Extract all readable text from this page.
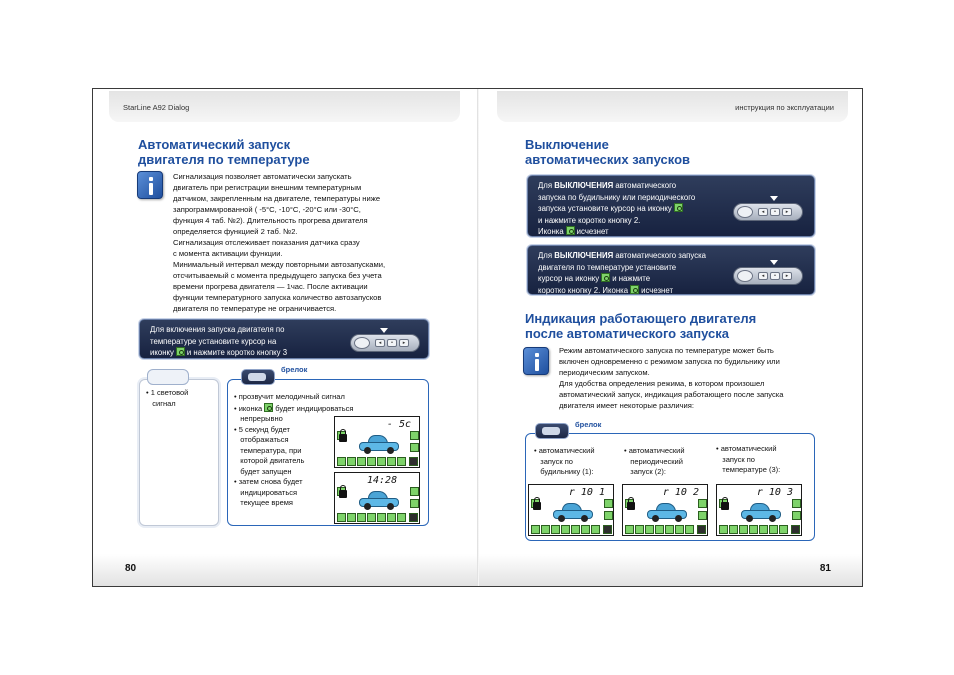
StarLine A92 Dialog
Автоматический запуск
двигателя по температуре

Сигнализация позволяет автоматически запускать

двигатель при регистрации внешним температурным

датчиком, закрепленным на двигателе, температуры ниже

запрограммированной ( -5°С, -10°С, -20°С или -30°С,

функция 4 таб. №2). Длительность прогрева двигателя

определяется функцией 2 таб. №2.

Сигнализация отслеживает показания датчика сразу

с момента активации функции.

Минимальный интервал между повторными автозапусками,

отсчитываемый с момента предыдущего запуска без учета

времени прогрева двигателя — 1час. После активации

функции температурного запуска количество автозапусков

двигателя по температуре не ограничивается.

Для включения запуска двигателя по

температуре установите курсор на

иконку и нажмите коротко кнопку 3

◂	•	▸

• 1 световой

сигнал

• прозвучит мелодичный сигнал

• иконка будет индицироваться

непрерывно

• 5 секунд будет

отображаться

температура, при

которой двигатель

будет запущен

• затем снова будет

индицироваться

текущее время

- 5c
14:28
брелок
80
инструкция по эксплуатации
Выключение
автоматических запусков

Для ВЫКЛЮЧЕНИЯ автоматического

запуска по будильнику или периодического

запуска установите курсор на иконку

и нажмите коротко кнопку 2.

Иконка исчезнет

◂	•	▸

Для ВЫКЛЮЧЕНИЯ автоматического запуска

двигателя по температуре установите

курсор на иконку и нажмите

коротко кнопку 2. Иконка исчезнет

◂	•	▸
Индикация работающего двигателя
после автоматического запуска

Режим автоматического запуска по температуре может быть

включен одновременно с режимом запуска по будильнику или

периодическим запуском.

Для удобства определения режима, в котором произошел

автоматический запуск, индикация работающего после запуска

двигателя имеет некоторые различия:

• автоматический

запуск по

будильнику (1):

• автоматический

периодический

запуск (2):

• автоматический

запуск по

температуре (3):

r 10 1	r 10 2	r 10 3
брелок
81
